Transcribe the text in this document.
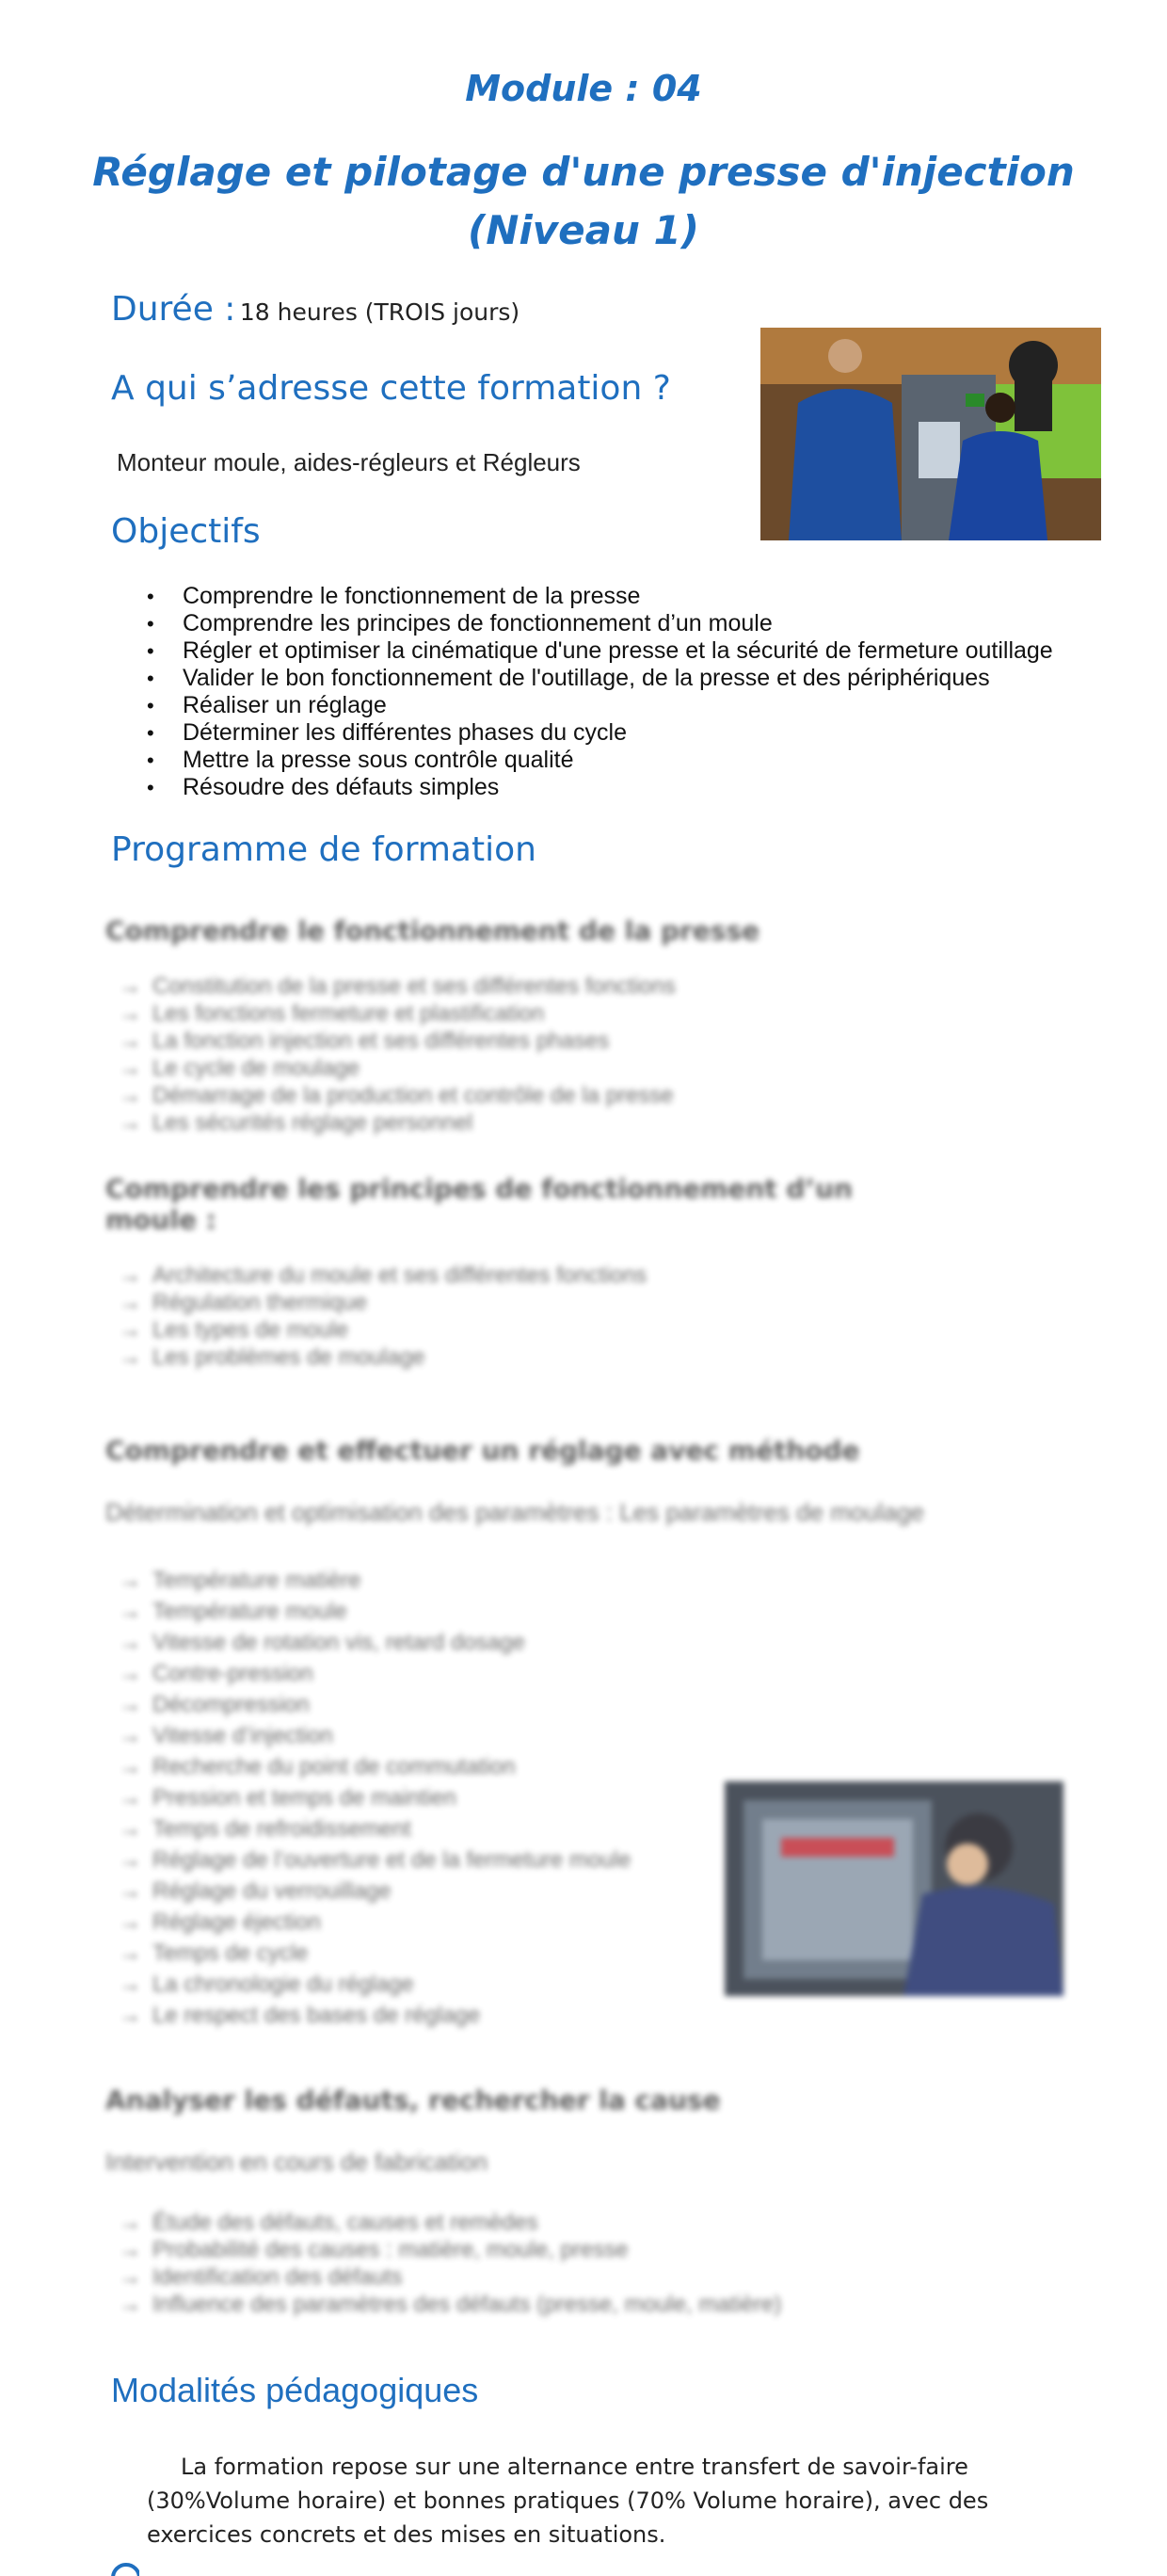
Module : 04
Réglage et pilotage d'une presse d'injection
(Niveau 1)
Durée : 18 heures (TROIS jours)
A qui s’adresse cette formation ?
Monteur moule, aides-régleurs et Régleurs
Objectifs
• Comprendre le fonctionnement de la presse
• Comprendre les principes de fonctionnement d’un moule
• Régler et optimiser la cinématique d'une presse et la sécurité de fermeture outillage
• Valider le bon fonctionnement de l'outillage, de la presse et des périphériques
• Réaliser un réglage
• Déterminer les différentes phases du cycle
• Mettre la presse sous contrôle qualité
• Résoudre des défauts simples
Programme de formation
Comprendre le fonctionnement de la presse
→ Constitution de la presse et ses différentes fonctions
→ Les fonctions fermeture et plastification
→ La fonction injection et ses différentes phases
→ Le cycle de moulage
→ Démarrage de la production et contrôle de la presse
→ Les sécurités réglage personnel
Comprendre les principes de fonctionnement d’un moule :
→ Architecture du moule et ses différentes fonctions
→ Régulation thermique
→ Les types de moule
→ Les problèmes de moulage
Comprendre et effectuer un réglage avec méthode
Détermination et optimisation des paramètres : Les paramètres de moulage
→ Température matière
→ Température moule
→ Vitesse de rotation vis, retard dosage
→ Contre-pression
→ Décompression
→ Vitesse d’injection
→ Recherche du point de commutation
→ Pression et temps de maintien
→ Temps de refroidissement
→ Réglage de l’ouverture et de la fermeture moule
→ Réglage du verrouillage
→ Réglage éjection
→ Temps de cycle
→ La chronologie du réglage
→ Le respect des bases de réglage
Analyser les défauts, rechercher la cause
Intervention en cours de fabrication
→ Étude des défauts, causes et remèdes
→ Probabilité des causes : matière, moule, presse
→ Identification des défauts
→ Influence des paramètres des défauts (presse, moule, matière)
Modalités pédagogiques
La formation repose sur une alternance entre transfert de savoir-faire (30%Volume horaire) et bonnes pratiques (70% Volume horaire), avec des exercices concrets et des mises en situations.
